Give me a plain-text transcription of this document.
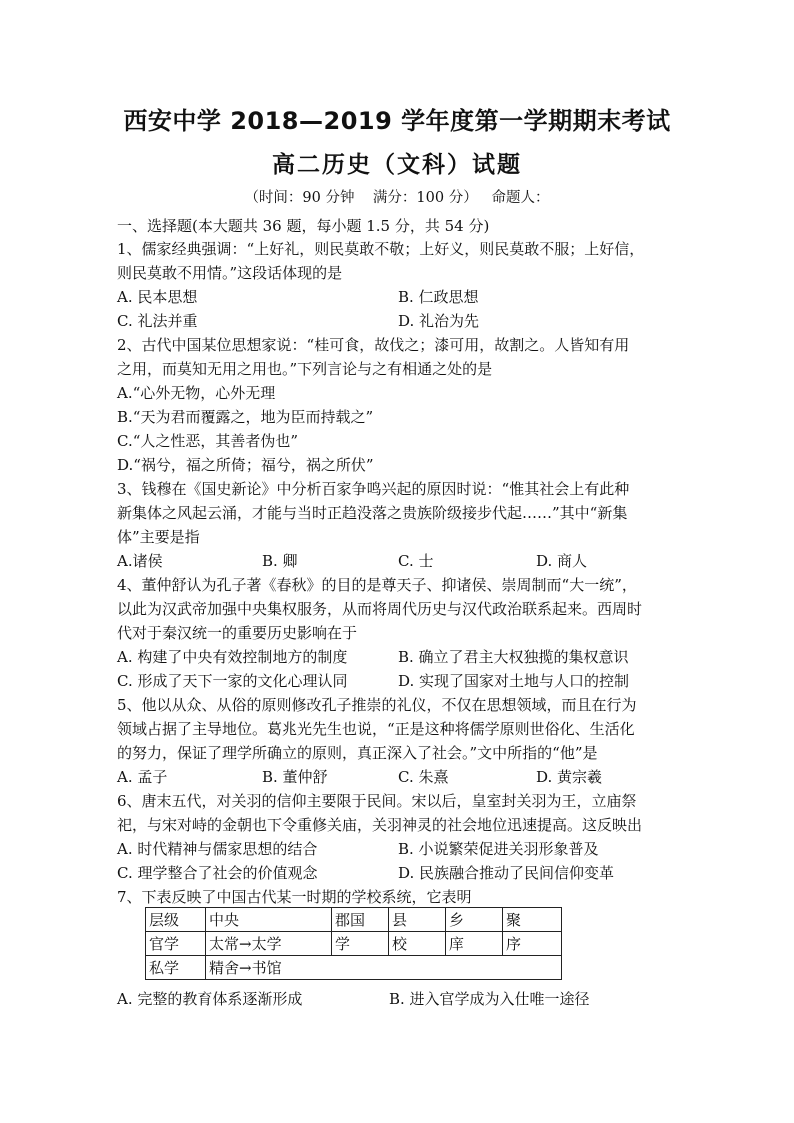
西安中学 2018—2019 学年度第一学期期末考试
高二历史（文科）试题
（时间：90 分钟    满分：100 分）   命题人：
一、选择题(本大题共 36 题，每小题 1.5 分，共 54 分)
1、儒家经典强调：“上好礼，则民莫敢不敬；上好义，则民莫敢不服；上好信，
则民莫敢不用情。”这段话体现的是
A. 民本思想	B. 仁政思想
C. 礼法并重	D. 礼治为先
2、古代中国某位思想家说：“桂可食，故伐之；漆可用，故割之。人皆知有用
之用，而莫知无用之用也。”下列言论与之有相通之处的是
A.“心外无物，心外无理
B.“天为君而覆露之，地为臣而持载之”
C.“人之性恶，其善者伪也”
D.“祸兮，福之所倚；福兮，祸之所伏”
3、钱穆在《国史新论》中分析百家争鸣兴起的原因时说：“惟其社会上有此种
新集体之风起云涌，才能与当时正趋没落之贵族阶级接步代起……”其中“新集
体”主要是指
A.诸侯	B. 卿	C. 士	D. 商人
4、董仲舒认为孔子著《春秋》的目的是尊天子、抑诸侯、崇周制而“大一统”，
以此为汉武帝加强中央集权服务，从而将周代历史与汉代政治联系起来。西周时
代对于秦汉统一的重要历史影响在于
A. 构建了中央有效控制地方的制度	B. 确立了君主大权独揽的集权意识
C. 形成了天下一家的文化心理认同	D. 实现了国家对土地与人口的控制
5、他以从众、从俗的原则修改孔子推崇的礼仪，不仅在思想领域，而且在行为
领域占据了主导地位。葛兆光先生也说，“正是这种将儒学原则世俗化、生活化
的努力，保证了理学所确立的原则，真正深入了社会。”文中所指的“他”是
A. 孟子	B. 董仲舒	C. 朱熹	D. 黄宗羲
6、唐末五代，对关羽的信仰主要限于民间。宋以后，皇室封关羽为王，立庙祭
祀，与宋对峙的金朝也下令重修关庙，关羽神灵的社会地位迅速提高。这反映出
A. 时代精神与儒家思想的结合	B. 小说繁荣促进关羽形象普及
C. 理学整合了社会的价值观念	D. 民族融合推动了民间信仰变革
7、下表反映了中国古代某一时期的学校系统，它表明
层级	中央	郡国	县	乡	聚
官学	太常→太学	学	校	庠	序
私学	精舍→书馆				
A. 完整的教育体系逐渐形成	B. 进入官学成为入仕唯一途径
